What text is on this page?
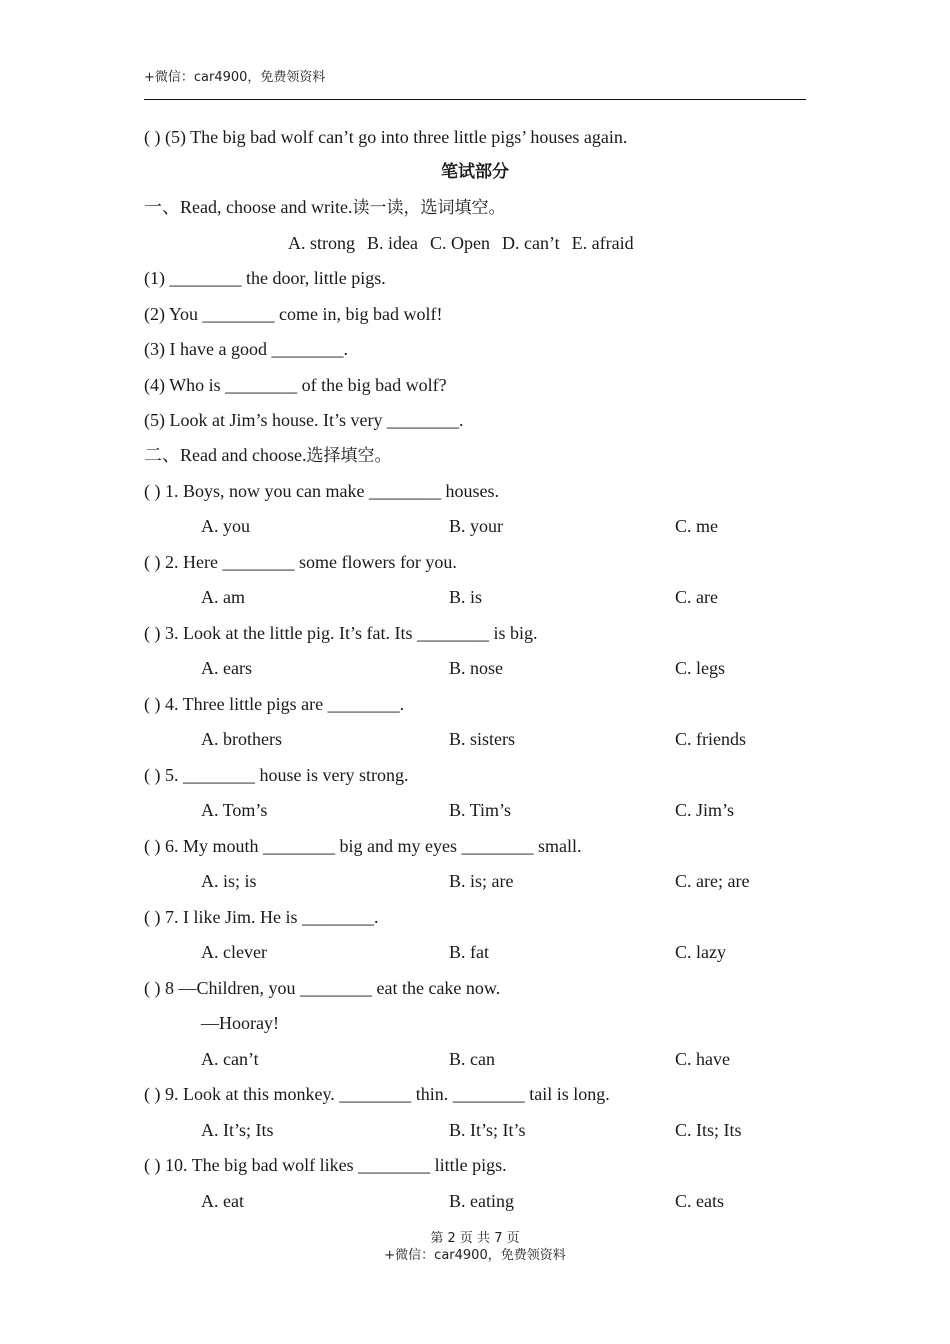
+微信：car4900，免费领资料
( ) (5) The big bad wolf can’t go into three little pigs’ houses again.
笔试部分
一、Read, choose and write.读一读，选词填空。
A. strong B. idea C. Open D. can’t E. afraid
(1) ________ the door, little pigs.
(2) You ________ come in, big bad wolf!
(3) I have a good ________.
(4) Who is ________ of the big bad wolf?
(5) Look at Jim’s house. It’s very ________.
二、Read and choose.选择填空。
( ) 1. Boys, now you can make ________ houses.
A. you	B. your	C. me
( ) 2. Here ________ some flowers for you.
A. am	B. is	C. are
( ) 3. Look at the little pig. It’s fat. Its ________ is big.
A. ears	B. nose	C. legs
( ) 4. Three little pigs are ________.
A. brothers	B. sisters	C. friends
( ) 5. ________ house is very strong.
A. Tom’s	B. Tim’s	C. Jim’s
( ) 6. My mouth ________ big and my eyes ________ small.
A. is; is	B. is; are	C. are; are
( ) 7. I like Jim. He is ________.
A. clever	B. fat	C. lazy
( ) 8 —Children, you ________ eat the cake now.
—Hooray!
A. can’t	B. can	C. have
( ) 9. Look at this monkey. ________ thin. ________ tail is long.
A. It’s; Its	B. It’s; It’s	C. Its; Its
( ) 10. The big bad wolf likes ________ little pigs.
A. eat	B. eating	C. eats
第 2 页 共 7 页
+微信：car4900，免费领资料
